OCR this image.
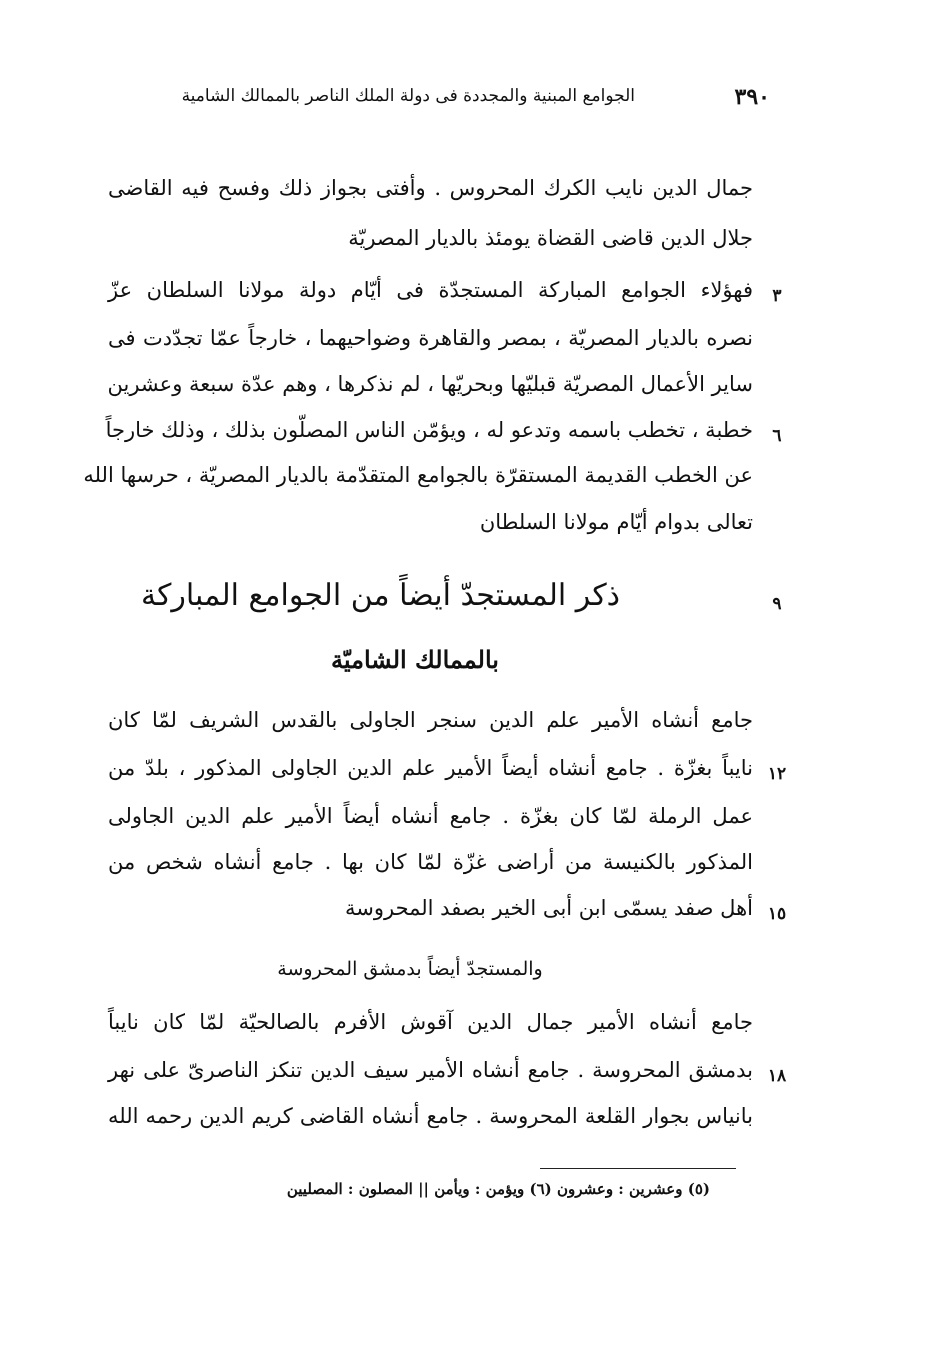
الجوامع المبنية والمجددة فى دولة الملك الناصر بالممالك الشامية	٣٩٠
جمال الدين نايب الكرك المحروس . وأفتى بجواز ذلك وفسح فيه القاضى
جلال الدين قاضى القضاة يومئذ بالديار المصريّة
فهؤلاء الجوامع المباركة المستجدّة فى أيّام دولة مولانا السلطان عزّ
نصره بالديار المصريّة ، بمصر والقاهرة وضواحيهما ، خارجاً عمّا تجدّدت فى
ساير الأعمال المصريّة قبليّها وبحريّها ، لم نذكرها ، وهم عدّة سبعة وعشرين
خطبة ، تخطب باسمه وتدعو له ، ويؤمّن الناس المصلّون بذلك ، وذلك خارجاً
عن الخطب القديمة المستقرّة بالجوامع المتقدّمة بالديار المصريّة ، حرسها الله
تعالى بدوام أيّام مولانا السلطان
ذكر المستجدّ أيضاً من الجوامع المباركة
بالممالك الشاميّة
جامع أنشاه الأمير علم الدين سنجر الجاولى بالقدس الشريف لمّا كان
نايباً بغزّة . جامع أنشاه أيضاً الأمير علم الدين الجاولى المذكور ، بلدّ من
عمل الرملة لمّا كان بغزّة . جامع أنشاه أيضاً الأمير علم الدين الجاولى
المذكور بالكنيسة من أراضى غزّة لمّا كان بها . جامع أنشاه شخص من
أهل صفد يسمّى ابن أبى الخير بصفد المحروسة
والمستجدّ أيضاً بدمشق المحروسة
جامع أنشاه الأمير جمال الدين آقوش الأفرم بالصالحيّة لمّا كان نايباً
بدمشق المحروسة . جامع أنشاه الأمير سيف الدين تنكز الناصرىّ على نهر
بانياس بجوار القلعة المحروسة . جامع أنشاه القاضى كريم الدين رحمه الله
٣
٦
٩
١٢
١٥
١٨
(٥) وعشرين : وعشرون (٦) ويؤمن : ويأمن || المصلون : المصليين
